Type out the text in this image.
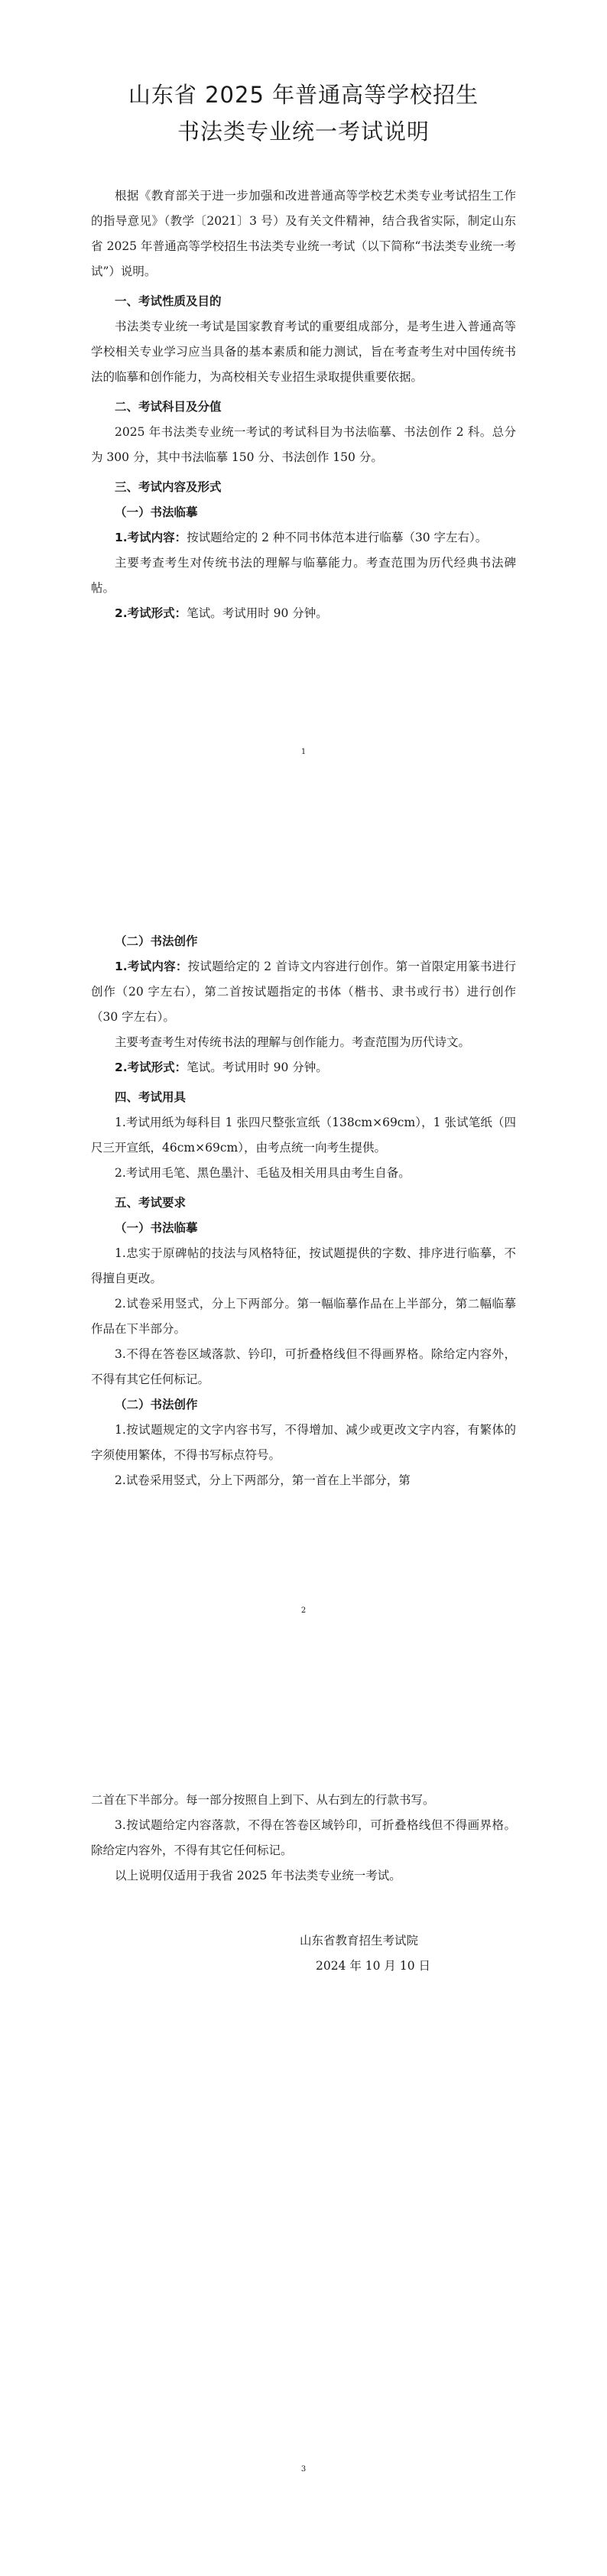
山东省 2025 年普通高等学校招生

书法类专业统一考试说明

根据《教育部关于进一步加强和改进普通高等学校艺术类专业考试招生工作的指导意见》（教学〔2021〕3 号）及有关文件精神，结合我省实际，制定山东省 2025 年普通高等学校招生书法类专业统一考试（以下简称“书法类专业统一考试”）说明。

一、考试性质及目的

书法类专业统一考试是国家教育考试的重要组成部分，是考生进入普通高等学校相关专业学习应当具备的基本素质和能力测试，旨在考查考生对中国传统书法的临摹和创作能力，为高校相关专业招生录取提供重要依据。

二、考试科目及分值

2025 年书法类专业统一考试的考试科目为书法临摹、书法创作 2 科。总分为 300 分，其中书法临摹 150 分、书法创作 150 分。

三、考试内容及形式

（一）书法临摹

1.考试内容：按试题给定的 2 种不同书体范本进行临摹（30 字左右）。

主要考查考生对传统书法的理解与临摹能力。考查范围为历代经典书法碑帖。

2.考试形式：笔试。考试用时 90 分钟。

1

（二）书法创作

1.考试内容：按试题给定的 2 首诗文内容进行创作。第一首限定用篆书进行创作（20 字左右），第二首按试题指定的书体（楷书、隶书或行书）进行创作（30 字左右）。

主要考查考生对传统书法的理解与创作能力。考查范围为历代诗文。

2.考试形式：笔试。考试用时 90 分钟。

四、考试用具

1.考试用纸为每科目 1 张四尺整张宣纸（138cm×69cm），1 张试笔纸（四尺三开宣纸，46cm×69cm），由考点统一向考生提供。

2.考试用毛笔、黑色墨汁、毛毡及相关用具由考生自备。

五、考试要求

（一）书法临摹

1.忠实于原碑帖的技法与风格特征，按试题提供的字数、排序进行临摹，不得擅自更改。

2.试卷采用竖式，分上下两部分。第一幅临摹作品在上半部分，第二幅临摹作品在下半部分。

3.不得在答卷区域落款、钤印，可折叠格线但不得画界格。除给定内容外，不得有其它任何标记。

（二）书法创作

1.按试题规定的文字内容书写，不得增加、减少或更改文字内容，有繁体的字须使用繁体，不得书写标点符号。

2.试卷采用竖式，分上下两部分，第一首在上半部分，第

2

二首在下半部分。每一部分按照自上到下、从右到左的行款书写。

3.按试题给定内容落款，不得在答卷区域钤印，可折叠格线但不得画界格。除给定内容外，不得有其它任何标记。

以上说明仅适用于我省 2025 年书法类专业统一考试。

山东省教育招生考试院

2024 年 10 月 10 日

3
